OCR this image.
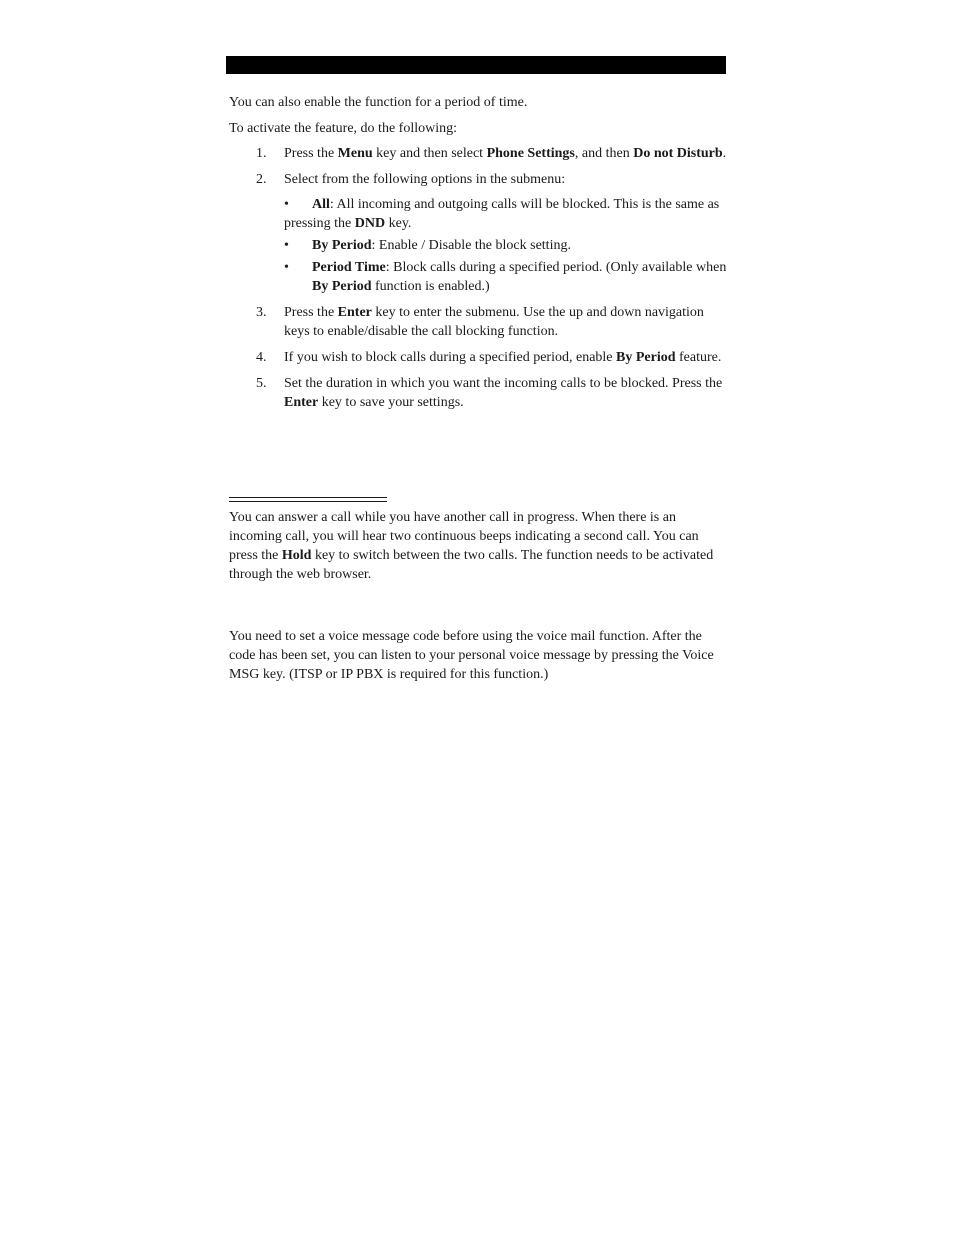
You can also enable the function for a period of time.

To activate the feature, do the following:

1.	Press the Menu key and then select Phone Settings, and then Do not Disturb.
2.	Select from the following options in the submenu:
•	All: All incoming and outgoing calls will be blocked. This is the same as pressing the DND key.
•	By Period: Enable / Disable the block setting.
•	Period Time: Block calls during a specified period. (Only available when By Period function is enabled.)
3.	Press the Enter key to enter the submenu. Use the up and down navigation keys to enable/disable the call blocking function.
4.	If you wish to block calls during a specified period, enable By Period feature.
5.	Set the duration in which you want the incoming calls to be blocked. Press the Enter key to save your settings.

You can answer a call while you have another call in progress. When there is an incoming call, you will hear two continuous beeps indicating a second call. You can press the Hold key to switch between the two calls. The function needs to be activated through the web browser.

You need to set a voice message code before using the voice mail function. After the code has been set, you can listen to your personal voice message by pressing the Voice MSG key. (ITSP or IP PBX is required for this function.)
